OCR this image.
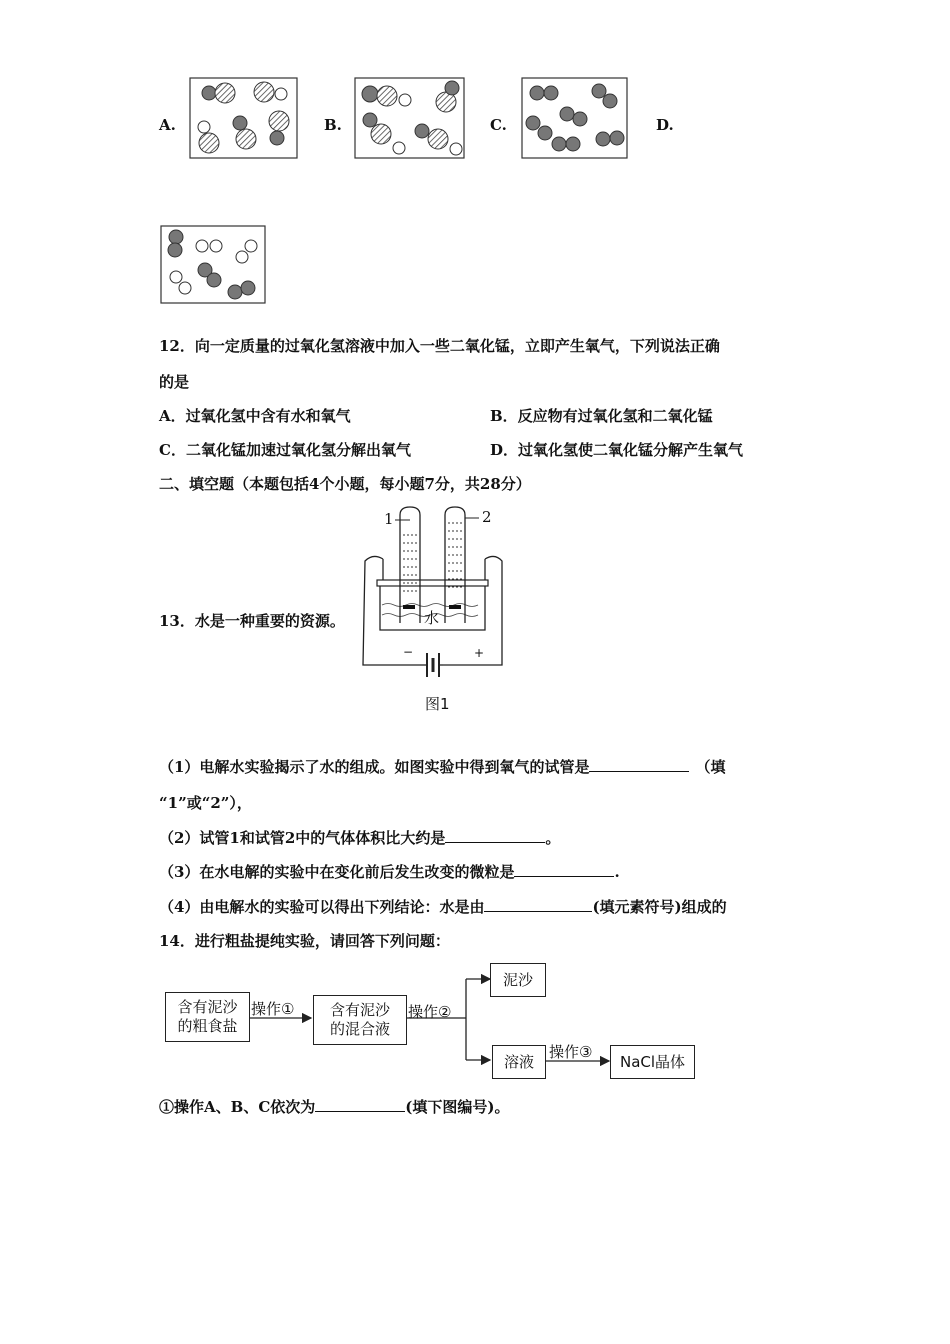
A.	B.	C.	D.
12．向一定质量的过氧化氢溶液中加入一些二氧化锰，立即产生氧气，下列说法正确
的是
A．过氧化氢中含有水和氧气	B．反应物有过氧化氢和二氧化锰
C．二氧化锰加速过氧化氢分解出氧气	D．过氧化氢使二氧化锰分解产生氧气
二、填空题（本题包括4个小题，每小题7分，共28分）
13．水是一种重要的资源。
1	2
水
−	+
图1
（1）电解水实验揭示了水的组成。如图实验中得到氧气的试管是	（填
“1”或“2”），
（2）试管1和试管2中的气体体积比大约是	。
（3）在水电解的实验中在变化前后发生改变的微粒是	.
（4）由电解水的实验可以得出下列结论：水是由	(填元素符号)组成的
14．进行粗盐提纯实验，请回答下列问题：
含有泥沙
的粗食盐
操作① 含有泥沙
的混合液
操作②
泥沙
溶液
操作③
NaCl晶体
①操作A、B、C依次为	(填下图编号)。
